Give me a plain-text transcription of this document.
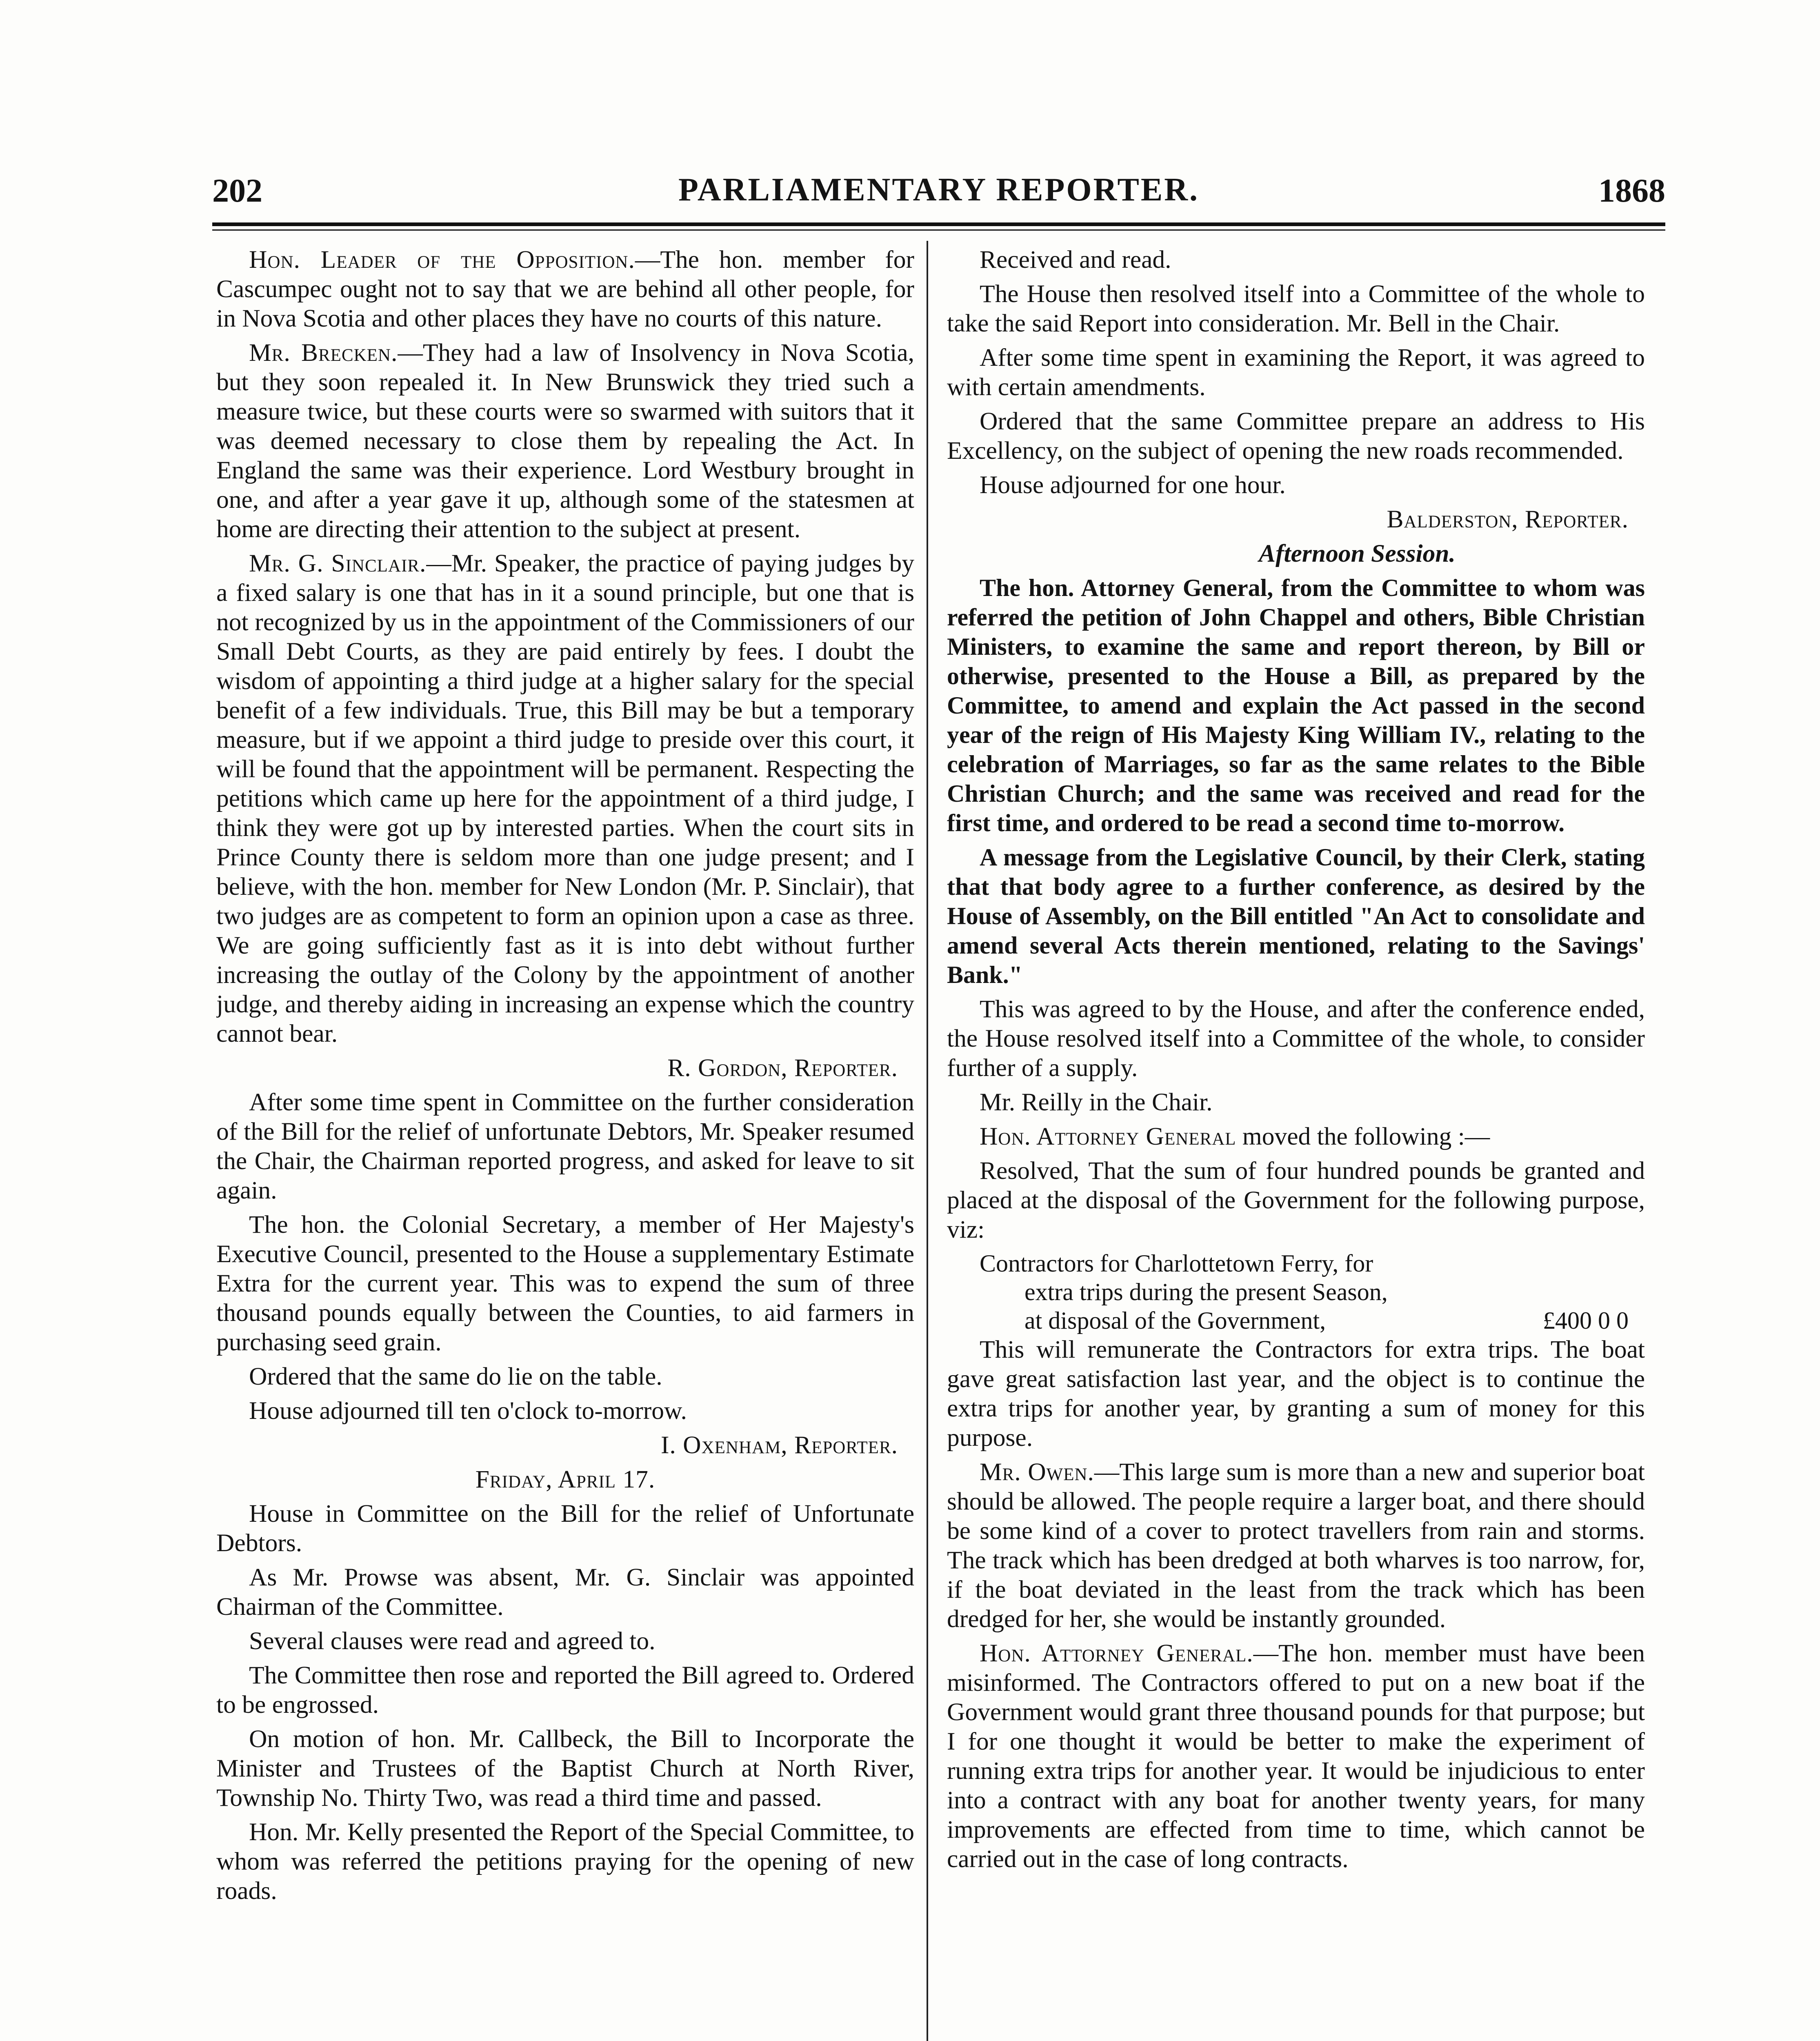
202	PARLIAMENTARY REPORTER.	1868

Hon. Leader of the Opposition.—The hon. member for Cascumpec ought not to say that we are behind all other people, for in Nova Scotia and other places they have no courts of this nature.

Mr. Brecken.—They had a law of Insolvency in Nova Scotia, but they soon repealed it. In New Brunswick they tried such a measure twice, but these courts were so swarmed with suitors that it was deemed necessary to close them by repealing the Act. In England the same was their experience. Lord Westbury brought in one, and after a year gave it up, although some of the statesmen at home are directing their attention to the subject at present.

Mr. G. Sinclair.—Mr. Speaker, the practice of paying judges by a fixed salary is one that has in it a sound principle, but one that is not recognized by us in the appointment of the Commissioners of our Small Debt Courts, as they are paid entirely by fees. I doubt the wisdom of appointing a third judge at a higher salary for the special benefit of a few individuals. True, this Bill may be but a temporary measure, but if we appoint a third judge to preside over this court, it will be found that the appointment will be permanent. Respecting the petitions which came up here for the appointment of a third judge, I think they were got up by interested parties. When the court sits in Prince County there is seldom more than one judge present; and I believe, with the hon. member for New London (Mr. P. Sinclair), that two judges are as competent to form an opinion upon a case as three. We are going sufficiently fast as it is into debt without further increasing the outlay of the Colony by the appointment of another judge, and thereby aiding in increasing an expense which the country cannot bear.

R. Gordon, Reporter.

After some time spent in Committee on the further consideration of the Bill for the relief of unfortunate Debtors, Mr. Speaker resumed the Chair, the Chairman reported progress, and asked for leave to sit again.

The hon. the Colonial Secretary, a member of Her Majesty's Executive Council, presented to the House a supplementary Estimate Extra for the current year. This was to expend the sum of three thousand pounds equally between the Counties, to aid farmers in purchasing seed grain.

Ordered that the same do lie on the table.

House adjourned till ten o'clock to-morrow.

I. Oxenham, Reporter.

Friday, April 17.

House in Committee on the Bill for the relief of Unfortunate Debtors.

As Mr. Prowse was absent, Mr. G. Sinclair was appointed Chairman of the Committee.

Several clauses were read and agreed to.

The Committee then rose and reported the Bill agreed to. Ordered to be engrossed.

On motion of hon. Mr. Callbeck, the Bill to Incorporate the Minister and Trustees of the Baptist Church at North River, Township No. Thirty Two, was read a third time and passed.

Hon. Mr. Kelly presented the Report of the Special Committee, to whom was referred the petitions praying for the opening of new roads.

Received and read.

The House then resolved itself into a Committee of the whole to take the said Report into consideration. Mr. Bell in the Chair.

After some time spent in examining the Report, it was agreed to with certain amendments.

Ordered that the same Committee prepare an address to His Excellency, on the subject of opening the new roads recommended.

House adjourned for one hour.

Balderston, Reporter.

Afternoon Session.

The hon. Attorney General, from the Committee to whom was referred the petition of John Chappel and others, Bible Christian Ministers, to examine the same and report thereon, by Bill or otherwise, presented to the House a Bill, as prepared by the Committee, to amend and explain the Act passed in the second year of the reign of His Majesty King William IV., relating to the celebration of Marriages, so far as the same relates to the Bible Christian Church; and the same was received and read for the first time, and ordered to be read a second time to-morrow.

A message from the Legislative Council, by their Clerk, stating that that body agree to a further conference, as desired by the House of Assembly, on the Bill entitled "An Act to consolidate and amend several Acts therein mentioned, relating to the Savings' Bank."

This was agreed to by the House, and after the conference ended, the House resolved itself into a Committee of the whole, to consider further of a supply.

Mr. Reilly in the Chair.

Hon. Attorney General moved the following :—

Resolved, That the sum of four hundred pounds be granted and placed at the disposal of the Government for the following purpose, viz:

Contractors for Charlottetown Ferry, for
extra trips during the present Season,
at disposal of the Government,	£400 0 0

This will remunerate the Contractors for extra trips. The boat gave great satisfaction last year, and the object is to continue the extra trips for another year, by granting a sum of money for this purpose.

Mr. Owen.—This large sum is more than a new and superior boat should be allowed. The people require a larger boat, and there should be some kind of a cover to protect travellers from rain and storms. The track which has been dredged at both wharves is too narrow, for, if the boat deviated in the least from the track which has been dredged for her, she would be instantly grounded.

Hon. Attorney General.—The hon. member must have been misinformed. The Contractors offered to put on a new boat if the Government would grant three thousand pounds for that purpose; but I for one thought it would be better to make the experiment of running extra trips for another year. It would be injudicious to enter into a contract with any boat for another twenty years, for many improvements are effected from time to time, which cannot be carried out in the case of long contracts.
